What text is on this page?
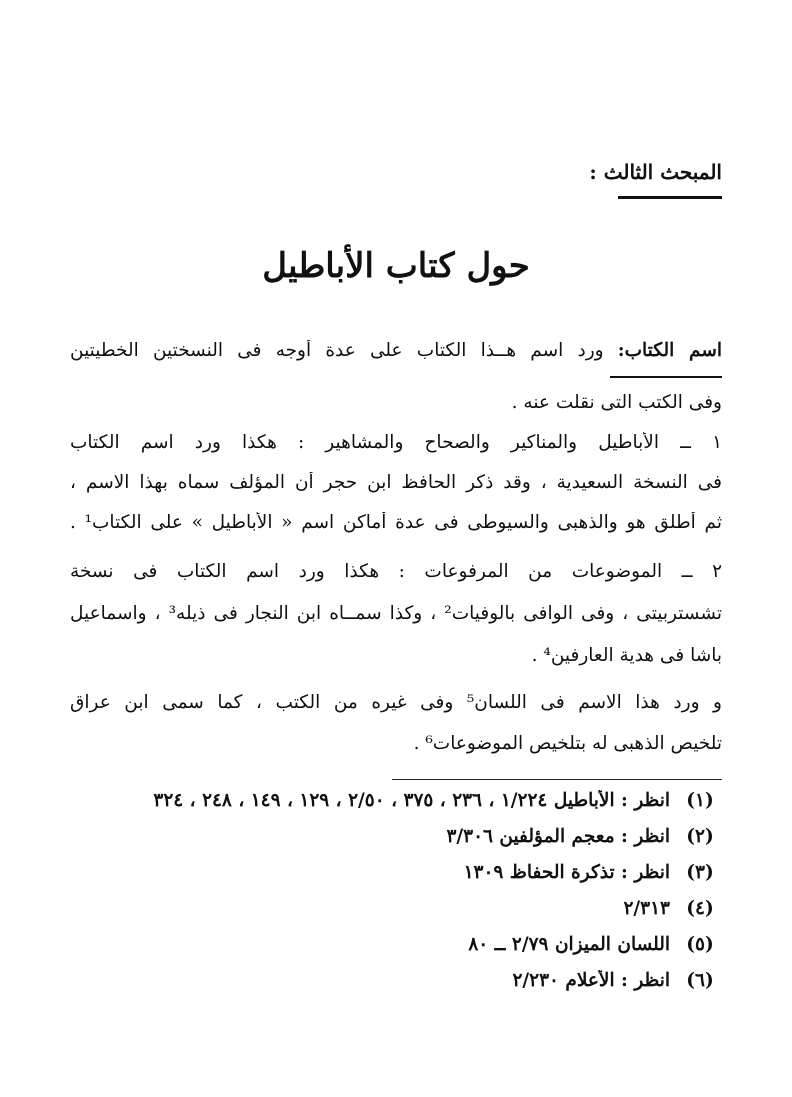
المبحث الثالث :
حول كتاب الأباطيل
اسم الكتاب: ورد اسم هــذا الكتاب على عدة أوجه فى النسختين الخطيتين
وفى الكتب التى نقلت عنه .
١ ــ الأباطيل والمناكير والصحاح والمشاهير : هكذا ورد اسم الكتاب
فى النسخة السعيدية ، وقد ذكر الحافظ ابن حجر أن المؤلف سماه بهذا الاسم ،
ثم أطلق هو والذهبى والسيوطى فى عدة أماكن اسم « الأباطيل » على الكتاب¹ .
٢ ــ الموضوعات من المرفوعات : هكذا ورد اسم الكتاب فى نسخة
تشستربيتى ، وفى الوافى بالوفيات² ، وكذا سمــاه ابن النجار فى ذيله³ ، واسماعيل
باشا فى هدية العارفين⁴ .
و ورد هذا الاسم فى اللسان⁵ وفى غيره من الكتب ، كما سمى ابن عراق
تلخيص الذهبى له بتلخيص الموضوعات⁶ .
(١)انظر : الأباطيل ١/٢٢٤ ، ٢٣٦ ، ٣٧٥ ، ٢/٥٠ ، ١٢٩ ، ١٤٩ ، ٢٤٨ ، ٣٢٤
(٢)انظر : معجم المؤلفين ٣/٣٠٦
(٣)انظر : تذكرة الحفاظ ١٣٠٩
(٤)٢/٣١٣
(٥)اللسان الميزان ٢/٧٩ ــ ٨٠
(٦)انظر : الأعلام ٢/٢٣٠
